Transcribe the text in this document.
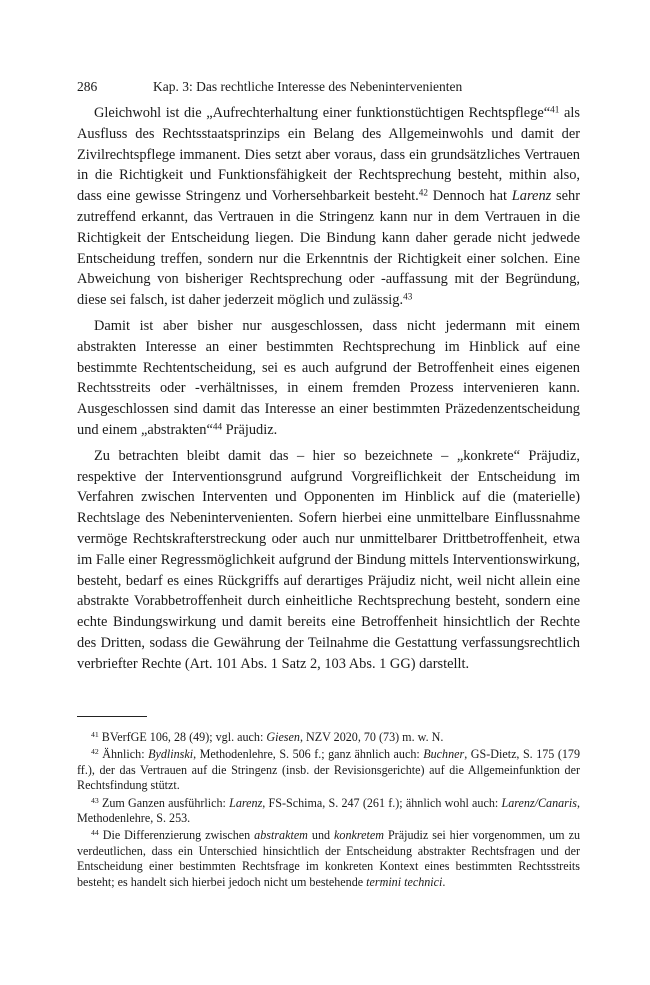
286	Kap. 3: Das rechtliche Interesse des Nebenintervenienten

Gleichwohl ist die „Aufrechterhaltung einer funktionstüchtigen Rechtspflege“$^{41}$ als Ausfluss des Rechtsstaatsprinzips ein Belang des Allgemeinwohls und damit der Zivilrechtspflege immanent. Dies setzt aber voraus, dass ein grundsätzliches Vertrauen in die Richtigkeit und Funktionsfähigkeit der Rechtsprechung besteht, mithin also, dass eine gewisse Stringenz und Vorhersehbarkeit besteht.$^{42}$ Dennoch hat Larenz sehr zutreffend erkannt, das Vertrauen in die Stringenz kann nur in dem Vertrauen in die Richtigkeit der Entscheidung liegen. Die Bindung kann daher gerade nicht jedwede Entscheidung treffen, sondern nur die Erkenntnis der Richtigkeit einer solchen. Eine Abweichung von bisheriger Rechtsprechung oder -auffassung mit der Begründung, diese sei falsch, ist daher jederzeit möglich und zulässig.$^{43}$

Damit ist aber bisher nur ausgeschlossen, dass nicht jedermann mit einem abstrakten Interesse an einer bestimmten Rechtsprechung im Hinblick auf eine bestimmte Rechtentscheidung, sei es auch aufgrund der Betroffenheit eines eigenen Rechtsstreits oder -verhältnisses, in einem fremden Prozess intervenieren kann. Ausgeschlossen sind damit das Interesse an einer bestimmten Präzedenzentscheidung und einem „abstrakten“$^{44}$ Präjudiz.

Zu betrachten bleibt damit das – hier so bezeichnete – „konkrete“ Präjudiz, respektive der Interventionsgrund aufgrund Vorgreiflichkeit der Entscheidung im Verfahren zwischen Interventen und Opponenten im Hinblick auf die (materielle) Rechtslage des Nebenintervenienten. Sofern hierbei eine unmittelbare Einflussnahme vermöge Rechtskrafterstreckung oder auch nur unmittelbarer Drittbetroffenheit, etwa im Falle einer Regressmöglichkeit aufgrund der Bindung mittels Interventionswirkung, besteht, bedarf es eines Rückgriffs auf derartiges Präjudiz nicht, weil nicht allein eine abstrakte Vorabbetroffenheit durch einheitliche Rechtsprechung besteht, sondern eine echte Bindungswirkung und damit bereits eine Betroffenheit hinsichtlich der Rechte des Dritten, sodass die Gewährung der Teilnahme die Gestattung verfassungsrechtlich verbriefter Rechte (Art. 101 Abs. 1 Satz 2, 103 Abs. 1 GG) darstellt.

$^{41}$ BVerfGE 106, 28 (49); vgl. auch: Giesen, NZV 2020, 70 (73) m. w. N.
$^{42}$ Ähnlich: Bydlinski, Methodenlehre, S. 506 f.; ganz ähnlich auch: Buchner, GS-Dietz, S. 175 (179 ff.), der das Vertrauen auf die Stringenz (insb. der Revisionsgerichte) auf die Allgemeinfunktion der Rechtsfindung stützt.
$^{43}$ Zum Ganzen ausführlich: Larenz, FS-Schima, S. 247 (261 f.); ähnlich wohl auch: Larenz/Canaris, Methodenlehre, S. 253.
$^{44}$ Die Differenzierung zwischen abstraktem und konkretem Präjudiz sei hier vorgenommen, um zu verdeutlichen, dass ein Unterschied hinsichtlich der Entscheidung abstrakter Rechtsfragen und der Entscheidung einer bestimmten Rechtsfrage im konkreten Kontext eines bestimmten Rechtsstreits besteht; es handelt sich hierbei jedoch nicht um bestehende termini technici.
